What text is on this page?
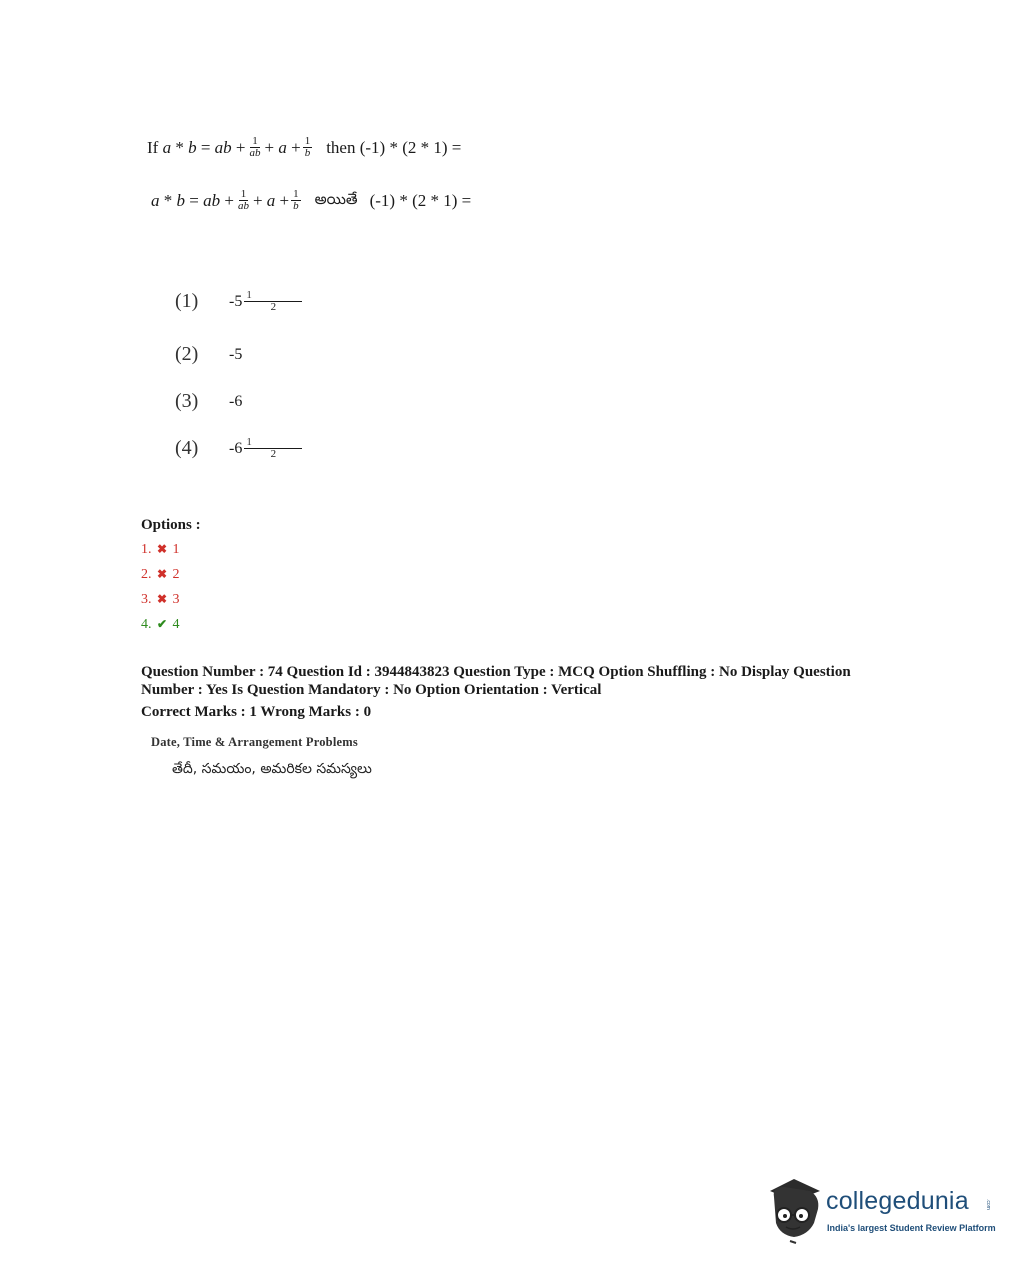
If
a
*
b
=
ab
+ $\frac{1}{ab}$ +
a
+ $\frac{1}{b}$ then
(-1) * (2 * 1) =
a
*
b
=
ab
+ $\frac{1}{ab}$ +
a
+ $\frac{1}{b}$ అయితే (-1) * (2 * 1) =
(1)	$-5 \frac{1}{2}$
(2)	-5
(3)	-6
(4)	$-6 \frac{1}{2}$
Options :
1. ✖ 1
2. ✖ 2
3. ✖ 3
4. ✔ 4
Question Number : 74 Question Id : 3944843823 Question Type : MCQ Option Shuffling : No Display Question
Number : Yes Is Question Mandatory : No Option Orientation : Vertical
Correct Marks : 1 Wrong Marks : 0
Date, Time & Arrangement Problems
తేదీ, సమయం, అమరికల సమస్యలు
collegedunia	.com
India's largest Student Review Platform
